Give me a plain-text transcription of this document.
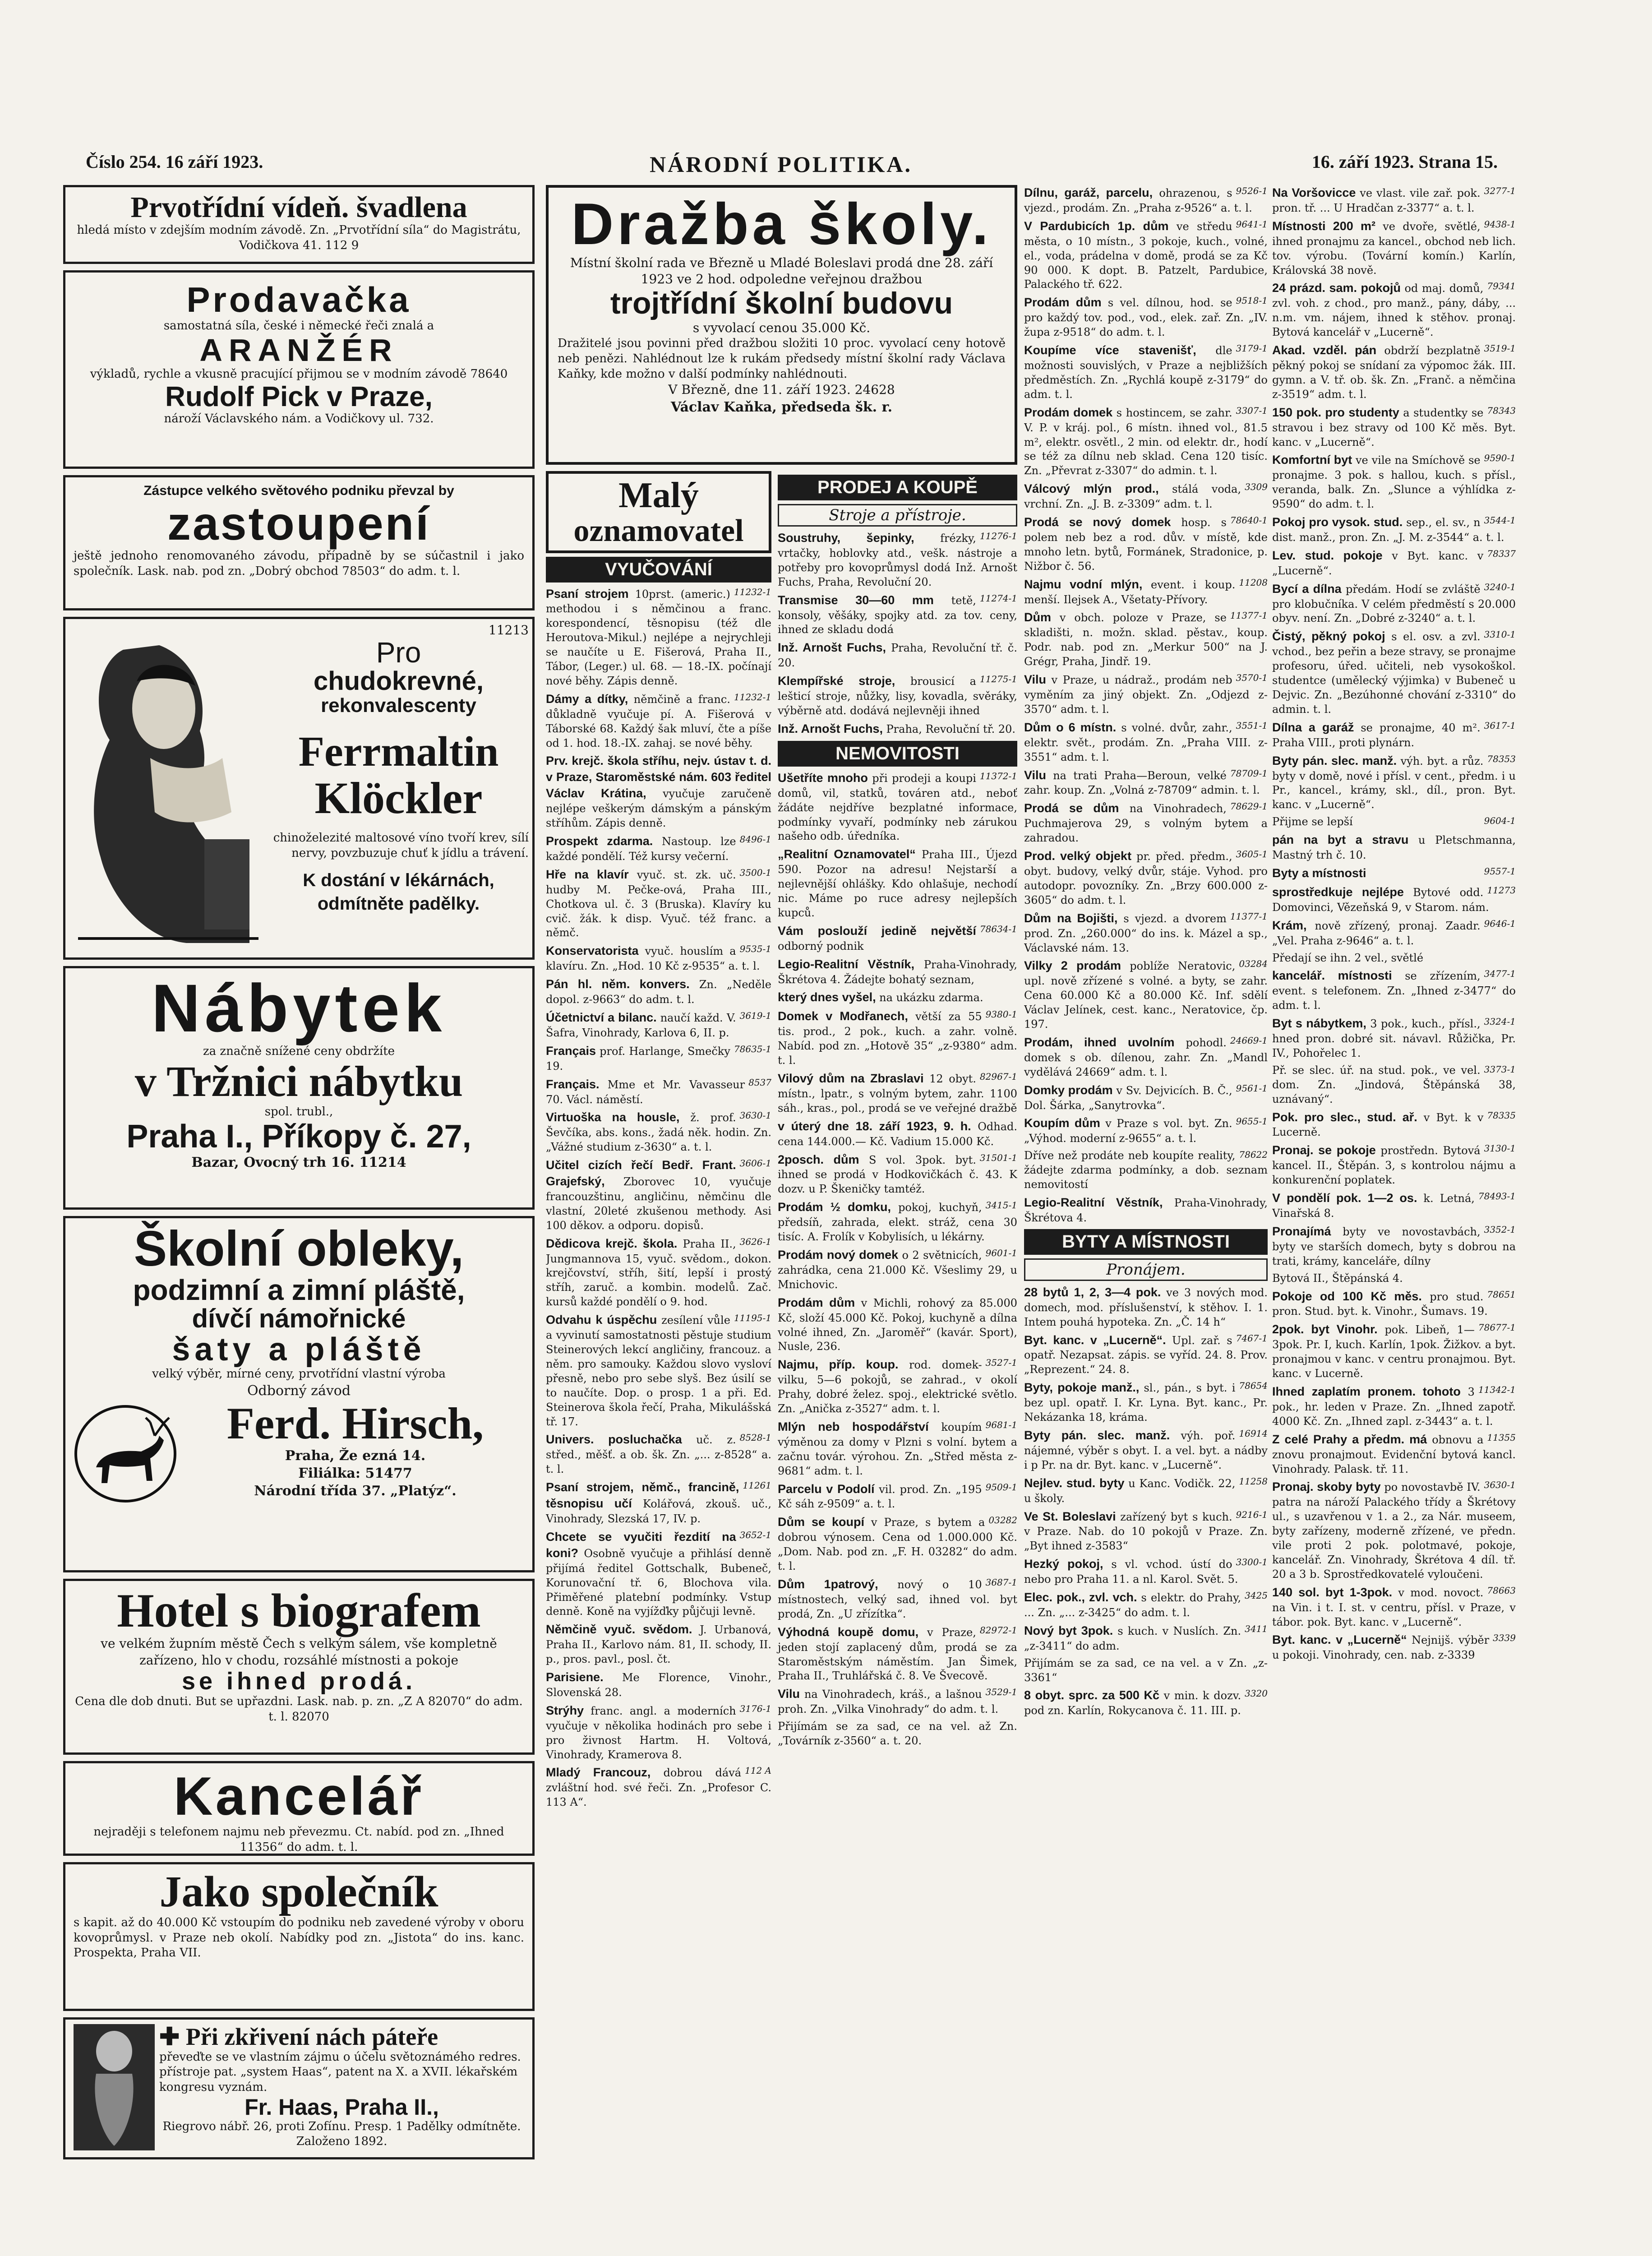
Číslo 254. 16 září 1923.	NÁRODNÍ POLITIKA.	16. září 1923. Strana 15.
Prvotřídní vídeň. švadlena
hledá místo v zdejším modním závodě. Zn. „Prvotřídní síla“ do Magistrátu, Vodičkova 41. 112 9
Prodavačka
samostatná síla, české i německé řeči znalá a
ARANŽÉR
výkladů, rychle a vkusně pracující přijmou se v modním závodě 78640
Rudolf Pick v Praze,
nároží Václavského nám. a Vodičkovy ul. 732.
Zástupce velkého světového podniku převzal by
zastoupení
ještě jednoho renomovaného závodu, případně by se súčastnil i jako společník. Lask. nab. pod zn. „Dobrý obchod 78503“ do adm. t. l.
11213
Pro
chudokrevné,
rekonvalescenty
Ferrmaltin
Klöckler
chinoželezité maltosové víno tvoří krev, sílí nervy, povzbuzuje chuť k jídlu a trávení.
K dostání v lékárnách, odmítněte padělky.
Nábytek
za značně snížené ceny obdržíte
v Tržnici nábytku
spol. trubl.,
Praha I., Příkopy č. 27,
Bazar, Ovocný trh 16. 11214
Školní obleky,
podzimní a zimní pláště,
dívčí námořnické
šaty a pláště
velký výběr, mírné ceny, prvotřídní vlastní výroba
Odborný závod
Ferd. Hirsch,
Praha, Že ezná 14.
Filiálka: 51477
Národní třída 37. „Platýz“.
Hotel s biografem
ve velkém župním městě Čech s velkým sálem, vše kompletně zařízeno, hlo v chodu, rozsáhlé místnosti a pokoje
se ihned prodá.
Cena dle dob dnuti. But se upřazdni. Lask. nab. p. zn. „Z A 82070“ do adm. t. l. 82070
Kancelář
nejraději s telefonem najmu neb převezmu. Ct. nabíd. pod zn. „Ihned 11356“ do adm. t. l.
Jako společník
s kapit. až do 40.000 Kč vstoupím do podniku neb zavedené výroby v oboru kovoprůmysl. v Praze neb okolí. Nabídky pod zn. „Jistota“ do ins. kanc. Prospekta, Praha VII.
✚ Při zkřivení nách páteře
převeďte se ve vlastním zájmu o účelu světoznámého redres. přístroje pat. „system Haas“, patent na X. a XVII. lékařském kongresu vyznám.
Fr. Haas, Praha II.,
Riegrovo nábř. 26, proti Zofínu. Presp. 1 Padělky odmítněte. Založeno 1892.
Dražba školy.
Místní školní rada ve Březně u Mladé Boleslavi prodá dne 28. září 1923 ve 2 hod. odpoledne veřejnou dražbou
trojtřídní školní budovu
s vyvolací cenou 35.000 Kč.
Dražitelé jsou povinni před dražbou složiti 10 proc. vyvolací ceny hotově neb penězi. Nahlédnout lze k rukám předsedy místní školní rady Václava Kaňky, kde možno v další podmínky nahlédnouti.
V Březně, dne 11. září 1923. 24628
Václav Kaňka, předseda šk. r.
Malý
oznamovatel
VYUČOVÁNÍ
11232-1
Psaní strojem 10prst. (americ.) methodou i s němčinou a franc. korespondencí, těsnopisu (též dle Heroutova-Mikul.) nejlépe a nejrychleji se naučíte u E. Fišerová, Praha II., Tábor, (Leger.) ul. 68. — 18.-IX. počínají nové běhy. Zápis denně.
11232-1
Dámy a dítky, němčině a franc. důkladně vyučuje pí. A. Fišerová v Táborské 68. Každý šak mluví, čte a píše od 1. hod. 18.-IX. zahaj. se nové běhy.
Prv. krejč. škola stříhu, nejv. ústav t. d. v Praze, Staroměstské nám. 603 ředitel Václav Krátina, vyučuje zaručeně nejlépe veškerým dámským a pánským stříhům. Zápis denně.
8496-1
Prospekt zdarma. Nastoup. lze každé pondělí. Též kursy večerní.
3500-1
Hře na klavír vyuč. st. zk. uč. hudby M. Pečke-ová, Praha III., Chotkova ul. č. 3 (Bruska). Klavíry ku cvič. žák. k disp. Vyuč. též franc. a němč.
9535-1
Konservatorista vyuč. houslím a klavíru. Zn. „Hod. 10 Kč z-9535“ a. t. l.
Pán hl. něm. konvers. Zn. „Neděle dopol. z-9663“ do adm. t. l.
3619-1
Účetnictví a bilanc. naučí každ. V. Šafra, Vinohrady, Karlova 6, II. p.
78635-1
Français prof. Harlange, Smečky 19.
8537
Français. Mme et Mr. Vavasseur 70. Václ. náměstí.
3630-1
Virtuoška na housle, ž. prof. Ševčíka, abs. kons., žadá něk. hodin. Zn. „Vážné studium z-3630“ a. t. l.
3606-1
Učitel cizích řečí Bedř. Frant. Grajefský, Zborovec 10, vyučuje francouzštinu, angličinu, němčinu dle vlastní, 20leté zkušenou methody. Asi 100 děkov. a odporu. dopisů.
3626-1
Dědicova krejč. škola. Praha II., Jungmannova 15, vyuč. svědom., dokon. krejčovství, stříh, šití, lepší i prostý stříh, zaruč. a kombin. modelů. Zač. kursů každé pondělí o 9. hod.
11195-1
Odvahu k úspěchu zesílení vůle a vyvinutí samostatnosti pěstuje studium Steinerových lekcí angličiny, francouz. a něm. pro samouky. Každou slovo vysloví přesně, nebo pro sebe slyš. Bez úsilí se to naučíte. Dop. o prosp. 1 a při. Ed. Steinerova škola řečí, Praha, Mikulášská tř. 17.
8528-1
Univers. posluchačka uč. z. střed., měšť. a ob. šk. Zn. „... z-8528“ a. t. l.
11261
Psaní strojem, němč., francině, těsnopisu učí Kolářová, zkouš. uč., Vinohrady, Slezská 17, IV. p.
3652-1
Chcete se vyučiti řezdití na koni? Osobně vyučuje a přihlásí denně přijímá ředitel Gottschalk, Bubeneč, Korunovační tř. 6, Blochova vila. Přiměřené platební podmínky. Vstup denně. Koně na vyjížďky půjčuji levně.
Němčině vyuč. svědom. J. Urbanová, Praha II., Karlovo nám. 81, II. schody, II. p., pros. pavl., posl. čt.
Parisiene. Me Florence, Vinohr., Slovenská 28.
3176-1
Strýhy franc. angl. a moderních vyučuje v několika hodinách pro sebe i pro živnost Hartm. H. Voltová, Vinohrady, Kramerova 8.
112 A
Mladý Francouz, dobrou dává zvláštní hod. své řeči. Zn. „Profesor C. 113 A“.
PRODEJ A KOUPĚ
Stroje a přístroje.
11276-1
Soustruhy, šepinky, frézky, vrtačky, hoblovky atd., vešk. nástroje a potřeby pro kovoprůmysl dodá Inž. Arnošt Fuchs, Praha, Revoluční 20.
11274-1
Transmise 30—60 mm tetě, konsoly, věšáky, spojky atd. za tov. ceny, ihned ze skladu dodá
Inž. Arnošt Fuchs, Praha, Revoluční tř. č. 20.
11275-1
Klempířské stroje, brousicí a lešticí stroje, nůžky, lisy, kovadla, svěráky, výběrně atd. dodává nejlevněji ihned
Inž. Arnošt Fuchs, Praha, Revoluční tř. 20.
NEMOVITOSTI
11372-1
Ušetříte mnoho při prodeji a koupi domů, vil, statků, továren atd., neboť žádáte nejdříve bezplatné informace, podmínky vyvaří, podmínky neb zárukou našeho odb. úředníka.
„Realitní Oznamovatel“ Praha III., Újezd 590. Pozor na adresu! Nejstarší a nejlevnější ohlášky. Kdo ohlašuje, nechodí nic. Máme po ruce adresy nejlepších kupců.
78634-1
Vám poslouží jedině největší odborný podnik
Legio-Realitní Věstník, Praha-Vinohrady, Škrétova 4. Žádejte bohatý seznam,
který dnes vyšel, na ukázku zdarma.
9380-1
Domek v Modřanech, větší za 55 tis. prod., 2 pok., kuch. a zahr. volně. Nabíd. pod zn. „Hotově 35“ „z-9380“ adm. t. l.
82967-1
Vilový dům na Zbraslavi 12 obyt. místn., lpatr., s volným bytem, zahr. 1100 sáh., kras., pol., prodá se ve veřejné dražbě
v úterý dne 18. září 1923, 9. h. Odhad. cena 144.000.— Kč. Vadium 15.000 Kč.
31501-1
2posch. dům S vol. 3pok. byt. ihned se prodá v Hodkovičkách č. 43. K dozv. u P. Škeničky tamtéž.
3415-1
Prodám ½ domku, pokoj, kuchyň, předsíň, zahrada, elekt. stráž, cena 30 tisíc. A. Frolík v Kobylisích, u lékárny.
9601-1
Prodám nový domek o 2 světnicích, zahrádka, cena 21.000 Kč. Všeslimy 29, u Mnichovic.
Prodám dům v Michli, rohový za 85.000 Kč, složí 45.000 Kč. Pokoj, kuchyně a dílna volné ihned, Zn. „Jaroměř“ (kavár. Sport), Nusle, 236.
3527-1
Najmu, příp. koup. rod. domek-vilku, 5—6 pokojů, se zahrad., v okolí Prahy, dobré želez. spoj., elektrické světlo. Zn. „Anička z-3527“ adm. t. l.
9681-1
Mlýn neb hospodářství koupím výměnou za domy v Plzni s volní. bytem a začnu továr. výrohou. Zn. „Střed města z-9681“ adm. t. l.
9509-1
Parcelu v Podolí vil. prod. Zn. „195 Kč sáh z-9509“ a. t. l.
03282
Dům se koupí v Praze, s bytem a dobrou výnosem. Cena od 1.000.000 Kč. „Dom. Nab. pod zn. „F. H. 03282“ do adm. t. l.
3687-1
Dům 1patrový, nový o 10 místnostech, velký sad, ihned vol. byt prodá, Zn. „U zřízítka“.
82972-1
Výhodná koupě domu, v Praze, jeden stojí zaplacený dům, prodá se za Staroměstským náměstím. Jan Šimek, Praha II., Truhlářská č. 8. Ve Švecově.
3529-1
Vilu na Vinohradech, kráš., a lašnou proh. Zn. „Vilka Vinohrady“ do adm. t. l.
Přijímám se za sad, ce na vel. až Zn. „Továrník z-3560“ a. t. 20.
9526-1
Dílnu, garáž, parcelu, ohrazenou, s vjezd., prodám. Zn. „Praha z-9526“ a. t. l.
9641-1
V Pardubicích 1p. dům ve středu města, o 10 místn., 3 pokoje, kuch., volné, el., voda, prádelna v domě, prodá se za Kč 90 000. K dopt. B. Patzelt, Pardubice, Palackého tř. 622.
9518-1
Prodám dům s vel. dílnou, hod. se pro každý tov. pod., vod., elek. zař. Zn. „IV. župa z-9518“ do adm. t. l.
3179-1
Koupíme více stavenišť, dle možnosti souvislých, v Praze a nejbližších předměstích. Zn. „Rychlá koupě z-3179“ do adm. t. l.
3307-1
Prodám domek s hostincem, se zahr. V. P. v kráj. pol., 6 místn. ihned vol., 81.5 m², elektr. osvětl., 2 min. od elektr. dr., hodí se též za dílnu neb sklad. Cena 120 tisíc. Zn. „Převrat z-3307“ do admin. t. l.
3309
Válcový mlýn prod., stálá voda, vrchní. Zn. „J. B. z-3309“ adm. t. l.
78640-1
Prodá se nový domek hosp. s polem neb bez a rod. dův. v místě, kde mnoho letn. bytů, Formánek, Stradonice, p. Nižbor č. 56.
11208
Najmu vodní mlýn, event. i koup. menší. Ilejsek A., Všetaty-Přívory.
11377-1
Dům v obch. poloze v Praze, se skladišti, n. možn. sklad. pěstav., koup. Podr. nab. pod zn. „Merkur 500“ na J. Grégr, Praha, Jindř. 19.
3570-1
Vilu v Praze, u nádraž., prodám neb vyměním za jiný objekt. Zn. „Odjezd z-3570“ adm. t. l.
3551-1
Dům o 6 místn. s volné. dvůr, zahr., elektr. svět., prodám. Zn. „Praha VIII. z-3551“ adm. t. l.
78709-1
Vilu na trati Praha—Beroun, velké zahr. koup. Zn. „Volná z-78709“ admin. t. l.
78629-1
Prodá se dům na Vinohradech, Puchmajerova 29, s volným bytem a zahradou.
3605-1
Prod. velký objekt pr. před. předm., obyt. budovy, velký dvůr, stáje. Vyhod. pro autodopr. povozníky. Zn. „Brzy 600.000 z-3605“ do adm. t. l.
11377-1
Dům na Bojišti, s vjezd. a dvorem prod. Zn. „260.000“ do ins. k. Mázel a sp., Václavské nám. 13.
03284
Vilky 2 prodám poblíže Neratovic, upl. nově zřízené s volné. a byty, se zahr. Cena 60.000 Kč a 80.000 Kč. Inf. sdělí Václav Jelínek, cest. kanc., Neratovice, čp. 197.
24669-1
Prodám, ihned uvolním pohodl. domek s ob. dílenou, zahr. Zn. „Mandl vydělává 24669“ adm. t. l.
9561-1
Domky prodám v Sv. Dejvicích. B. Č., Dol. Šárka, „Sanytrovka“.
9655-1
Koupím dům v Praze s vol. byt. Zn. „Výhod. moderní z-9655“ a. t. l.
78622
Dříve než prodáte neb koupíte reality, žádejte zdarma podmínky, a dob. seznam nemovitostí
Legio-Realitní Věstník, Praha-Vinohrady, Škrétova 4.
BYTY A MÍSTNOSTI
Pronájem.
28 bytů 1, 2, 3—4 pok. ve 3 nových mod. domech, mod. příslušenství, k stěhov. I. 1. Intem pouhá hypoteka. Zn. „Č. 14 h“
7467-1
Byt. kanc. v „Lucerně“. Upl. zař. s opatř. Nezapsat. zápis. se vyříd. 24. 8. Prov. „Reprezent.“ 24. 8.
78654
Byty, pokoje manž., sl., pán., s byt. i bez upl. opatř. I. Kr. Lyna. Byt. kanc., Pr. Nekázanka 18, kráma.
16914
Byty pán. slec. manž. výh. poř. nájemné, výběr s obyt. I. a vel. byt. a nádby i p Pr. na dr. Byt. kanc. v „Lucerně“.
11258
Nejlev. stud. byty u Kanc. Vodičk. 22, u školy.
9216-1
Ve St. Boleslavi zařízený byt s kuch. v Praze. Nab. do 10 pokojů v Praze. Zn. „Byt ihned z-3583“
3300-1
Hezký pokoj, s vl. vchod. ústí do nebo pro Praha 11. a nl. Karol. Svět. 5.
3425
Elec. pok., zvl. vch. s elektr. do Prahy, ... Zn. „... z-3425“ do adm. t. l.
3411
Nový byt 3pok. s kuch. v Nuslích. Zn. „z-3411“ do adm.
Přijímám se za sad, ce na vel. a v Zn. „z-3361“
3320
8 obyt. sprc. za 500 Kč v min. k dozv. pod zn. Karlín, Rokycanova č. 11. III. p.
3277-1
Na Voršovicce ve vlast. vile zař. pok. pron. tř. ... U Hradčan z-3377“ a. t. l.
9438-1
Místnosti 200 m² ve dvoře, světlé, ihned pronajmu za kancel., obchod neb lich. tov. výrobu. (Tovární komín.) Karlín, Královská 38 nově.
79341
24 prázd. sam. pokojů od maj. domů, zvl. voh. z chod., pro manž., pány, dáby, ... n.m. vm. nájem, ihned k stěhov. pronaj. Bytová kancelář v „Lucerně“.
3519-1
Akad. vzděl. pán obdrží bezplatně pěkný pokoj se snídaní za výpomoc žák. III. gymn. a V. tř. ob. šk. Zn. „Franč. a němčina z-3519“ adm. t. l.
78343
150 pok. pro studenty a studentky se stravou i bez stravy od 100 Kč měs. Byt. kanc. v „Lucerně“.
9590-1
Komfortní byt ve vile na Smíchově se pronajme. 3 pok. s hallou, kuch. s přísl., veranda, balk. Zn. „Slunce a výhlídka z-9590“ do adm. t. l.
3544-1
Pokoj pro vysok. stud. sep., el. sv., n dist. manž., pron. Zn. „J. M. z-3544“ a. t. l.
78337
Lev. stud. pokoje v Byt. kanc. v „Lucerně“.
3240-1
Bycí a dílna předám. Hodí se zvláště pro klobučníka. V celém předměstí s 20.000 obyv. není. Zn. „Dobré z-3240“ a. t. l.
3310-1
Čistý, pěkný pokoj s el. osv. a zvl. vchod., bez peřin a beze stravy, se pronajme profesoru, úřed. učiteli, neb vysokoškol. studentce (umělecký výjimka) v Bubeneč u Dejvic. Zn. „Bezúhonné chování z-3310“ do admin. t. l.
3617-1
Dílna a garáž se pronajme, 40 m². Praha VIII., proti plynárn.
78353
Byty pán. slec. manž. výh. byt. a růz. byty v domě, nové i přísl. v cent., předm. i u Pr., kancel., krámy, skl., díl., pron. Byt. kanc. v „Lucerně“.
9604-1
Přijme se lepší
pán na byt a stravu u Pletschmanna, Mastný trh č. 10.
9557-1
Byty a místnosti
11273
sprostředkuje nejlépe Bytové odd. Domovinci, Vězeňská 9, v Starom. nám.
9646-1
Krám, nově zřízený, pronaj. Zaadr. „Vel. Praha z-9646“ a. t. l.
Předají se ihn. 2 vel., světlé
3477-1
kancelář. místnosti se zřízením, event. s telefonem. Zn. „Ihned z-3477“ do adm. t. l.
3324-1
Byt s nábytkem, 3 pok., kuch., přísl., hned pron. dobré sit. návavl. Růžička, Pr. IV., Pohořelec 1.
3373-1
Př. se slec. úř. na stud. pok., ve vel. dom. Zn. „Jindová, Štěpánská 38, uznávaný“.
78335
Pok. pro slec., stud. ař. v Byt. k v Lucerně.
3130-1
Pronaj. se pokoje prostředn. Bytová kancel. II., Štěpán. 3, s kontrolou nájmu a konkurenční poplatek.
78493-1
V pondělí pok. 1—2 os. k. Letná, Vinařská 8.
3352-1
Pronajímá byty ve novostavbách, byty ve starších domech, byty s dobrou na trati, krámy, kanceláře, dílny
Bytová II., Štěpánská 4.
78651
Pokoje od 100 Kč měs. pro stud. pron. Stud. byt. k. Vinohr., Šumavs. 19.
78677-1
2pok. byt Vinohr. pok. Libeň, 1—3pok. Pr. I, kuch. Karlín, 1pok. Žižkov. a byt. pronajmou v kanc. v centru pronajmou. Byt. kanc. v Lucerně.
11342-1
Ihned zaplatím pronem. tohoto 3 pok., hr. leden v Praze. Zn. „Ihned zapotř. 4000 Kč. Zn. „Ihned zapl. z-3443“ a. t. l.
11355
Z celé Prahy a předm. má obnovu a znovu pronajmout. Evidenční bytová kancl. Vinohrady. Palask. tř. 11.
3630-1
Pronaj. skoby byty po novostavbě IV. patra na nároží Palackého třídy a Škrétovy ul., s uzavřenou v 1. a 2., za Nár. museem, byty zařízeny, moderně zřízené, ve předn. vile proti 2 pok. polotmavé, pokoje, kancelář. Zn. Vinohrady, Škrétova 4 díl. tř. 20 a 3 b. Sprostředkovatelé vyloučeni.
78663
140 sol. byt 1-3pok. v mod. novoct. na Vin. i t. I. st. v centru, přísl. v Praze, v tábor. pok. Byt. kanc. v „Lucerně“.
3339
Byt. kanc. v „Lucerně“ Nejnijš. výběr u pokoji. Vinohrady, cen. nab. z-3339
